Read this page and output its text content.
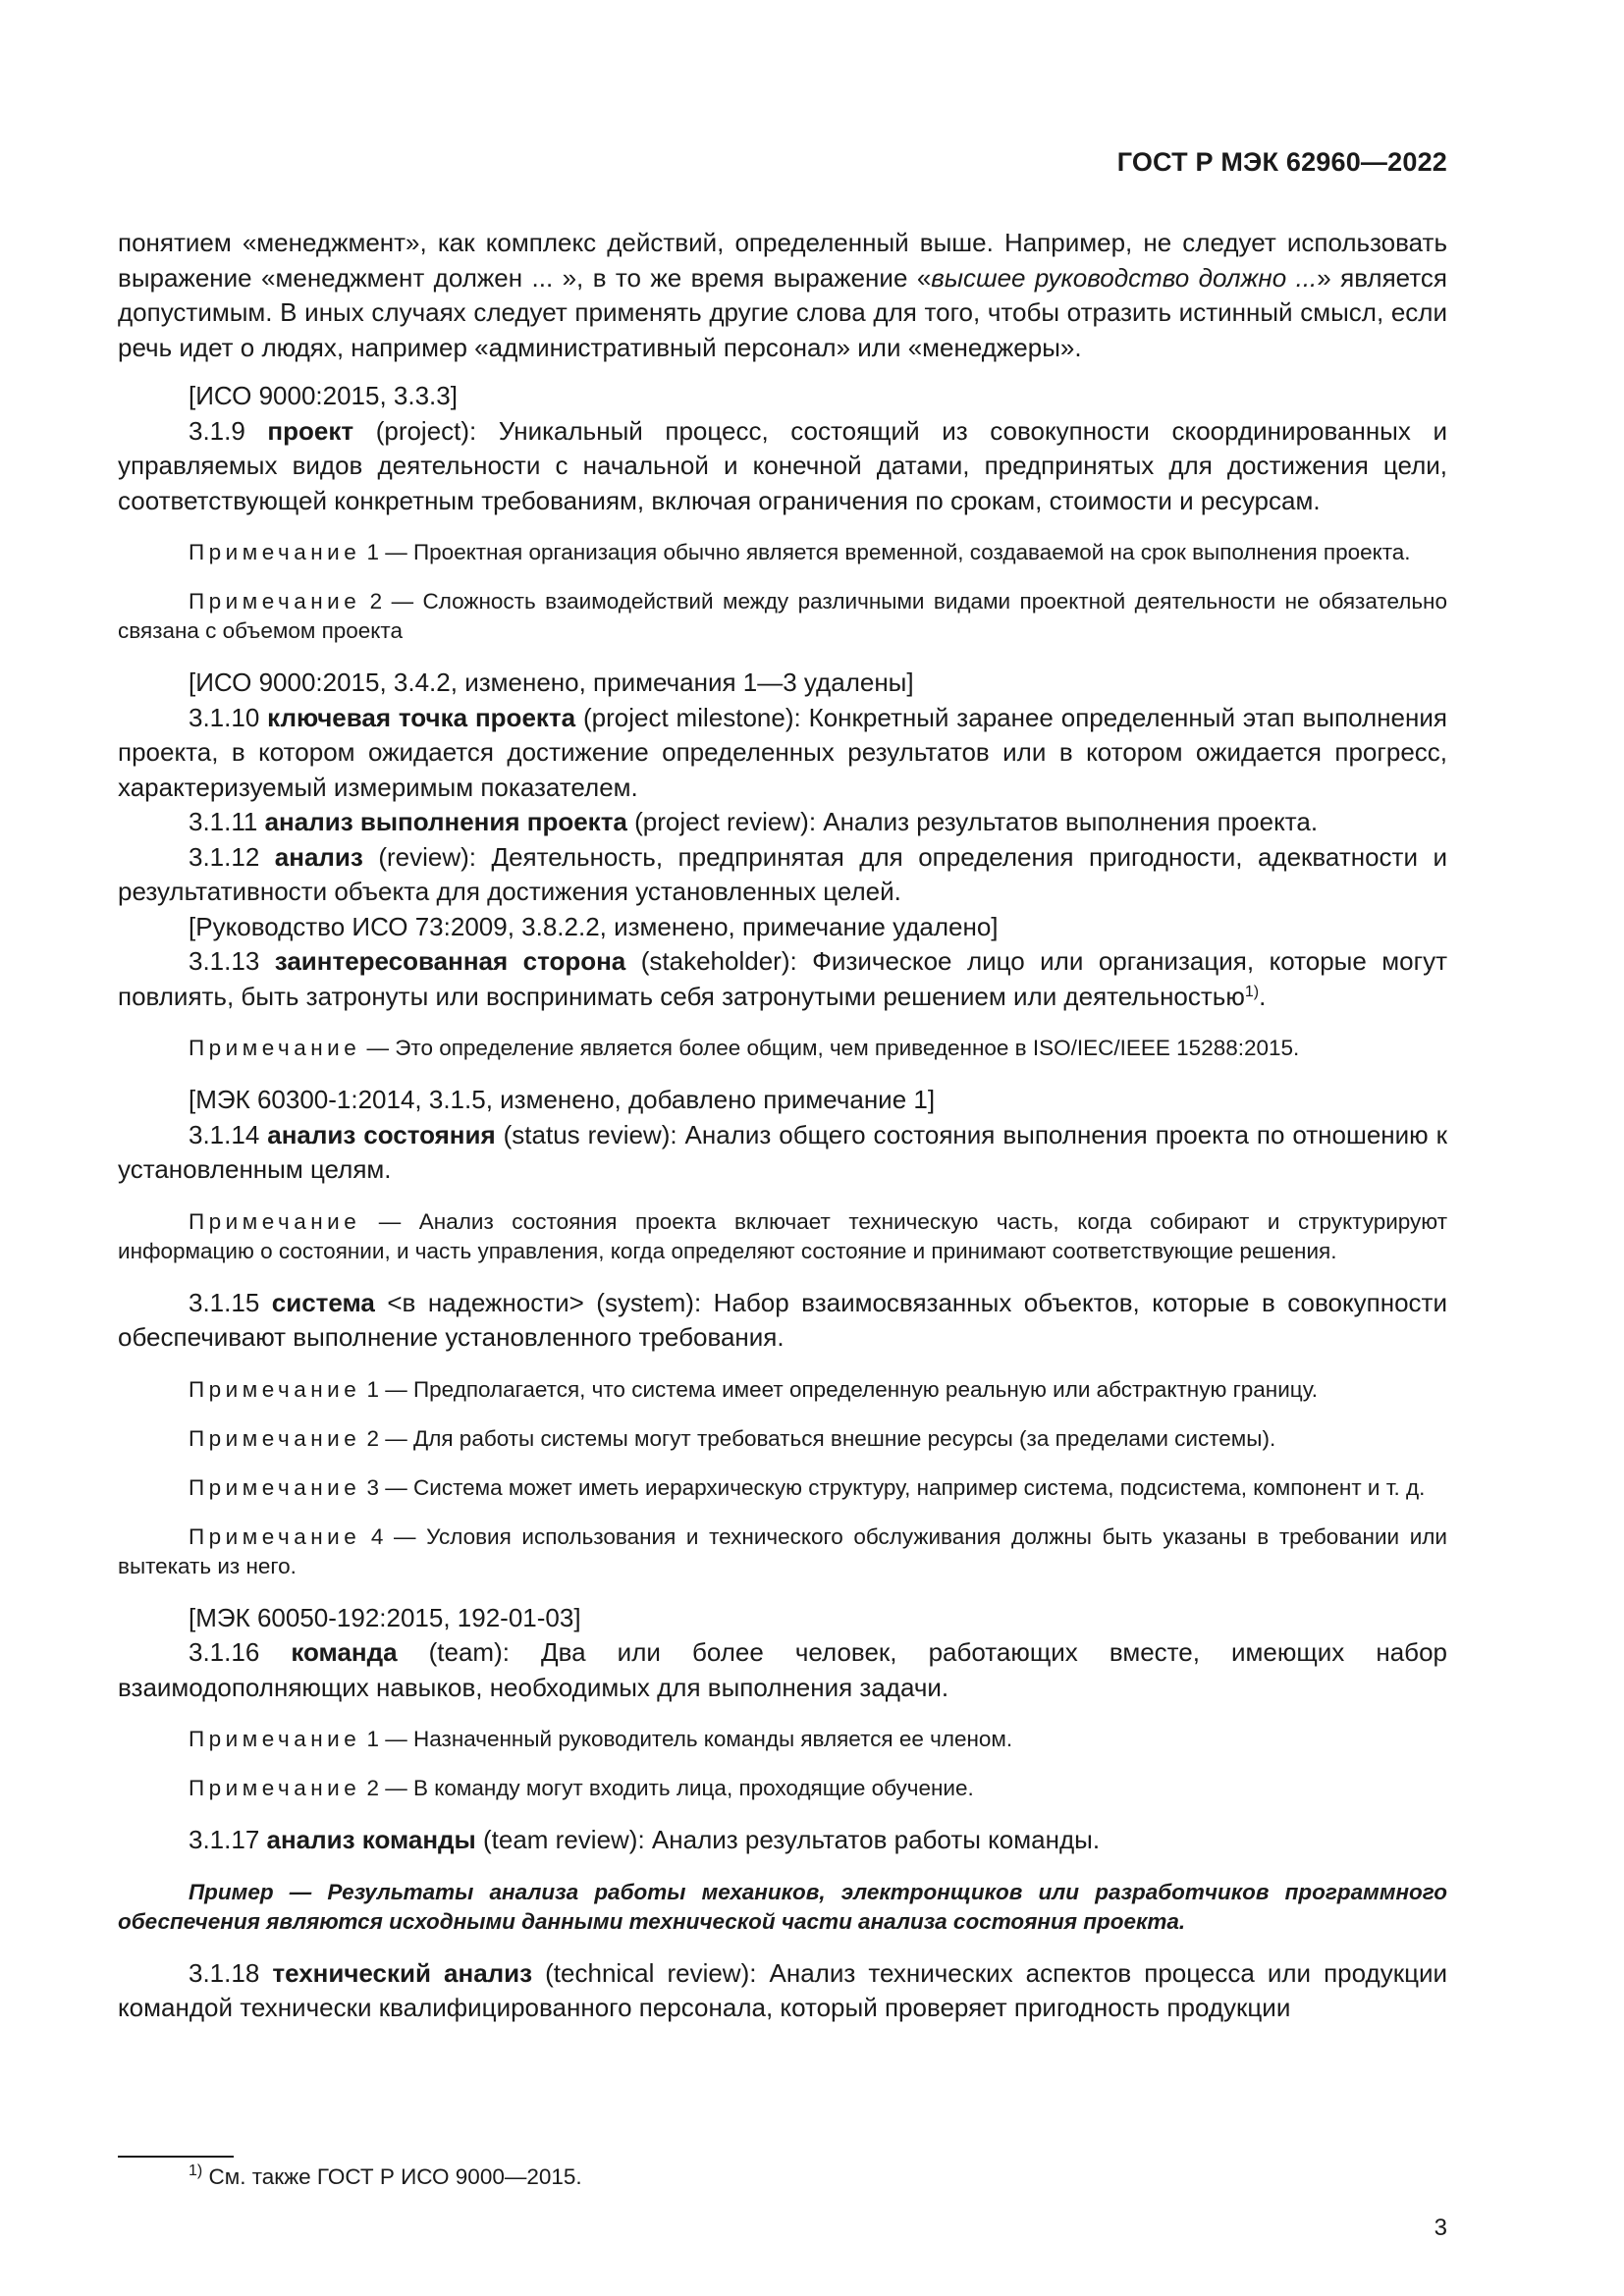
ГОСТ Р МЭК 62960—2022

понятием «менеджмент», как комплекс действий, определенный выше. Например, не следует использовать выражение «менеджмент должен ... », в то же время выражение «высшее руководство должно ...» является допустимым. В иных случаях следует применять другие слова для того, чтобы отразить истинный смысл, если речь идет о людях, например «административный персонал» или «менеджеры».

[ИСО 9000:2015, 3.3.3]

3.1.9 проект (project): Уникальный процесс, состоящий из совокупности скоординированных и управляемых видов деятельности с начальной и конечной датами, предпринятых для достижения цели, соответствующей конкретным требованиям, включая ограничения по срокам, стоимости и ресурсам.

Примечание 1 — Проектная организация обычно является временной, создаваемой на срок выполнения проекта.

Примечание 2 — Сложность взаимодействий между различными видами проектной деятельности не обязательно связана с объемом проекта

[ИСО 9000:2015, 3.4.2, изменено, примечания 1—3 удалены]

3.1.10 ключевая точка проекта (project milestone): Конкретный заранее определенный этап выполнения проекта, в котором ожидается достижение определенных результатов или в котором ожидается прогресс, характеризуемый измеримым показателем.

3.1.11 анализ выполнения проекта (project review): Анализ результатов выполнения проекта.

3.1.12 анализ (review): Деятельность, предпринятая для определения пригодности, адекватности и результативности объекта для достижения установленных целей.

[Руководство ИСО 73:2009, 3.8.2.2, изменено, примечание удалено]

3.1.13 заинтересованная сторона (stakeholder): Физическое лицо или организация, которые могут повлиять, быть затронуты или воспринимать себя затронутыми решением или деятельностью$^{1)}$.

Примечание — Это определение является более общим, чем приведенное в ISO/IEC/IEEE 15288:2015.

[МЭК 60300-1:2014, 3.1.5, изменено, добавлено примечание 1]

3.1.14 анализ состояния (status review): Анализ общего состояния выполнения проекта по отношению к установленным целям.

Примечание — Анализ состояния проекта включает техническую часть, когда собирают и структурируют информацию о состоянии, и часть управления, когда определяют состояние и принимают соответствующие решения.

3.1.15 система <в надежности> (system): Набор взаимосвязанных объектов, которые в совокупности обеспечивают выполнение установленного требования.

Примечание 1 — Предполагается, что система имеет определенную реальную или абстрактную границу.

Примечание 2 — Для работы системы могут требоваться внешние ресурсы (за пределами системы).

Примечание 3 — Система может иметь иерархическую структуру, например система, подсистема, компонент и т. д.

Примечание 4 — Условия использования и технического обслуживания должны быть указаны в требовании или вытекать из него.

[МЭК 60050-192:2015, 192-01-03]

3.1.16 команда (team): Два или более человек, работающих вместе, имеющих набор взаимодополняющих навыков, необходимых для выполнения задачи.

Примечание 1 — Назначенный руководитель команды является ее членом.

Примечание 2 — В команду могут входить лица, проходящие обучение.

3.1.17 анализ команды (team review): Анализ результатов работы команды.

Пример — Результаты анализа работы механиков, электронщиков или разработчиков программного обеспечения являются исходными данными технической части анализа состояния проекта.

3.1.18 технический анализ (technical review): Анализ технических аспектов процесса или продукции командой технически квалифицированного персонала, который проверяет пригодность продукции

$^{1)}$ См. также ГОСТ Р ИСО 9000—2015.
3
